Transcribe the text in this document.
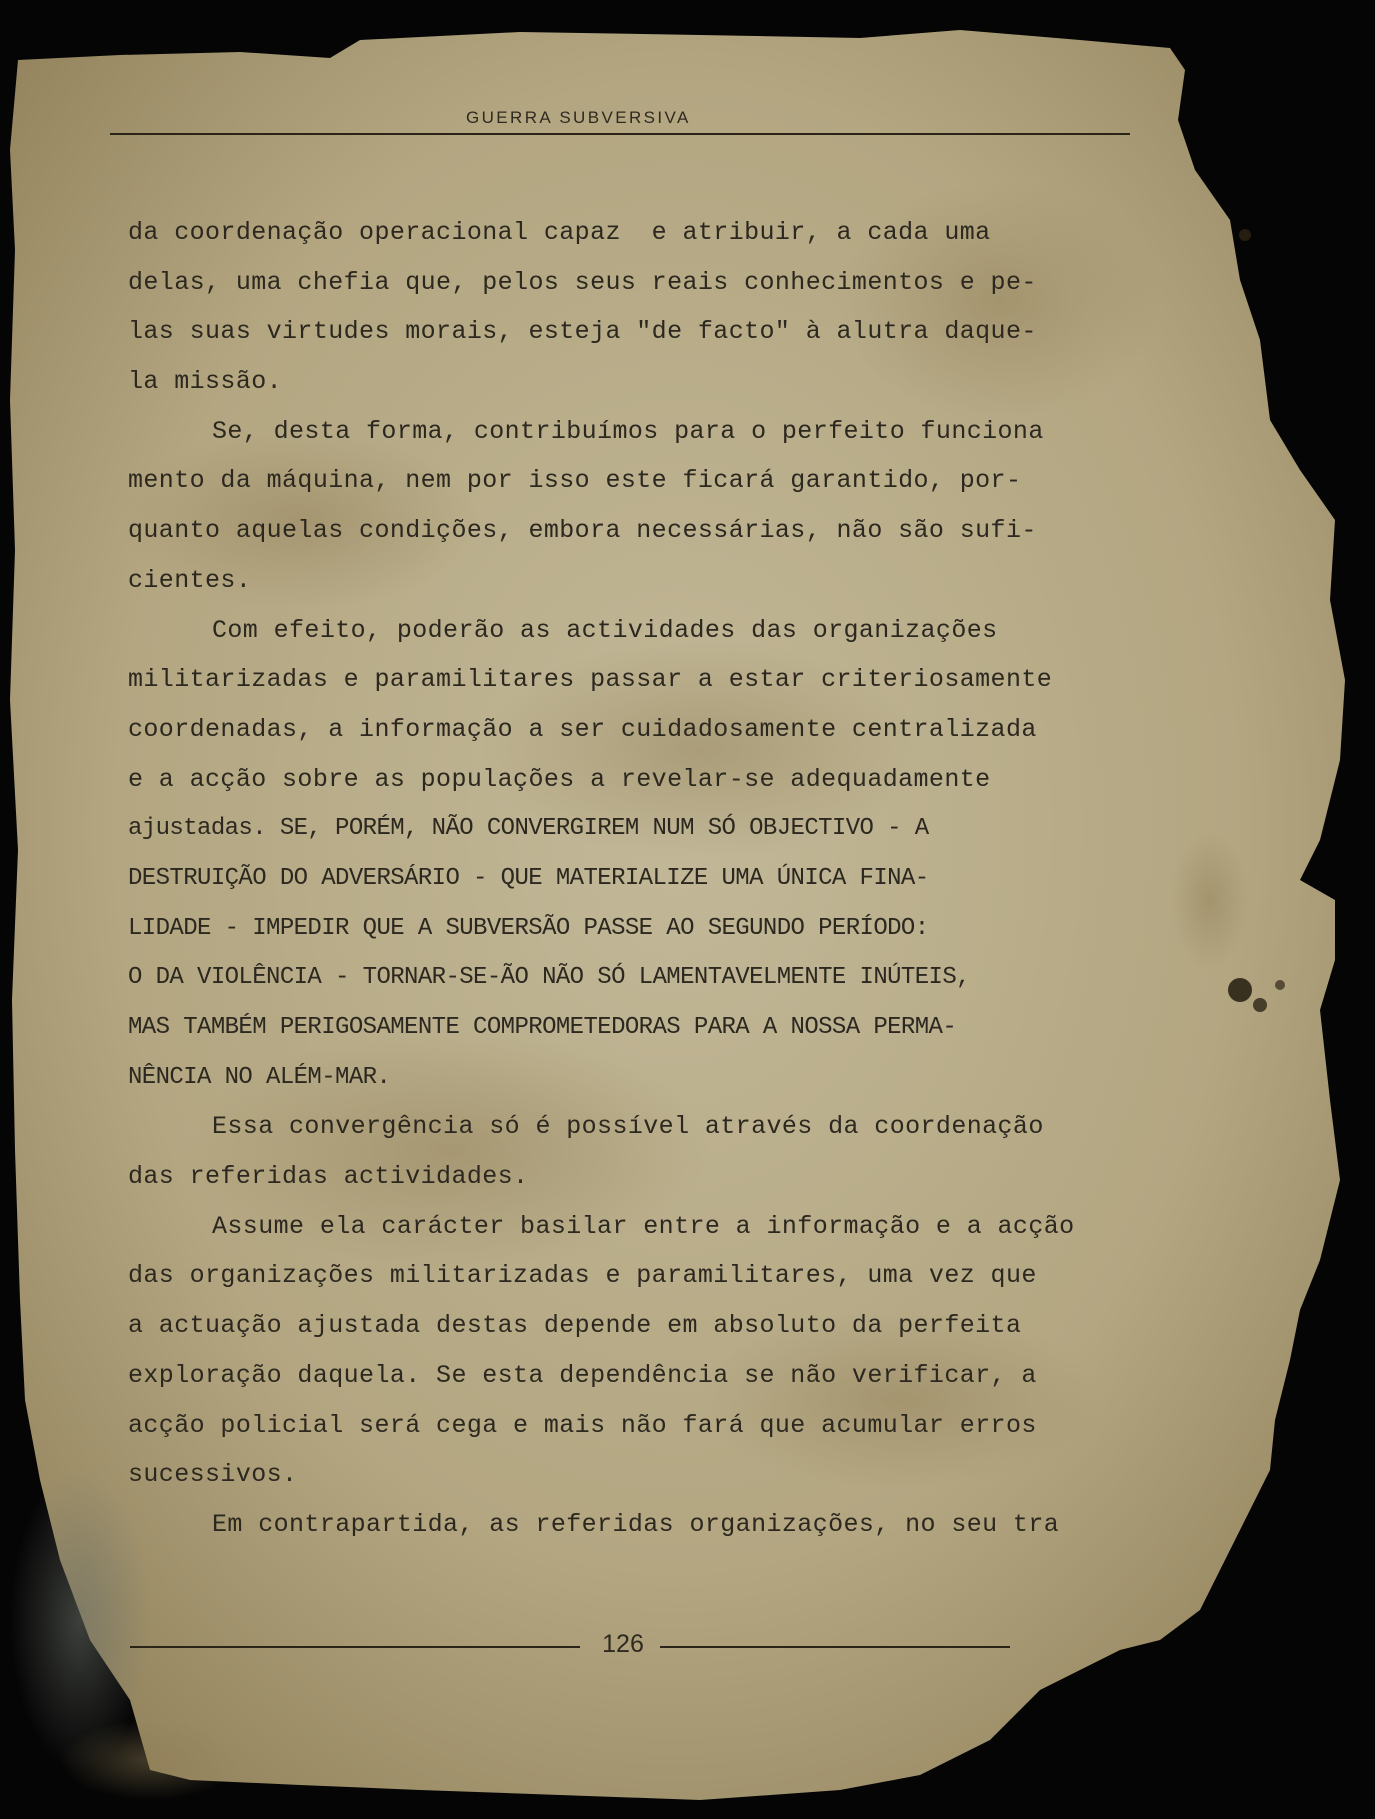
GUERRA SUBVERSIVA
da coordenação operacional capaz  e atribuir, a cada uma
delas, uma chefia que, pelos seus reais conhecimentos e pe-
las suas virtudes morais, esteja "de facto" à alutra daque-
la missão.
Se, desta forma, contribuímos para o perfeito funciona
mento da máquina, nem por isso este ficará garantido, por-
quanto aquelas condições, embora necessárias, não são sufi-
cientes.
Com efeito, poderão as actividades das organizações
militarizadas e paramilitares passar a estar criteriosamente
coordenadas, a informação a ser cuidadosamente centralizada
e a acção sobre as populações a revelar-se adequadamente
ajustadas. SE, PORÉM, NÃO CONVERGIREM NUM SÓ OBJECTIVO - A
DESTRUIÇÃO DO ADVERSÁRIO - QUE MATERIALIZE UMA ÚNICA FINA-
LIDADE - IMPEDIR QUE A SUBVERSÃO PASSE AO SEGUNDO PERÍODO:
O DA VIOLÊNCIA - TORNAR-SE-ÃO NÃO SÓ LAMENTAVELMENTE INÚTEIS,
MAS TAMBÉM PERIGOSAMENTE COMPROMETEDORAS PARA A NOSSA PERMA-
NÊNCIA NO ALÉM-MAR.
Essa convergência só é possível através da coordenação
das referidas actividades.
Assume ela carácter basilar entre a informação e a acção
das organizações militarizadas e paramilitares, uma vez que
a actuação ajustada destas depende em absoluto da perfeita
exploração daquela. Se esta dependência se não verificar, a
acção policial será cega e mais não fará que acumular erros
sucessivos.
Em contrapartida, as referidas organizações, no seu tra
126
